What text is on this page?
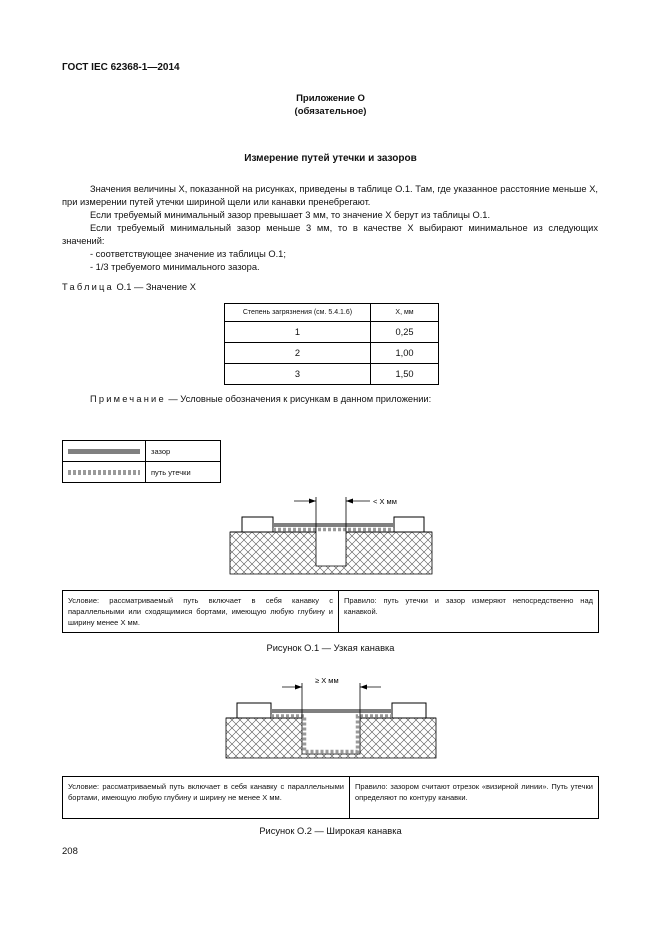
< X мм
≥ X мм
ГОСТ IEC 62368-1—2014
Приложение О
(обязательное)
Измерение путей утечки и зазоров

Значения величины X, показанной на рисунках, приведены в таблице О.1. Там, где указанное расстояние меньше X, при измерении путей утечки шириной щели или канавки пренебрегают.

Если требуемый минимальный зазор превышает 3 мм, то значение X берут из таблицы О.1.

Если требуемый минимальный зазор меньше 3 мм, то в качестве X выбирают минимальное из следующих значений:

- соответствующее значение из таблицы О.1;

- 1/3 требуемого минимального зазора.

Таблица О.1 — Значение X
Степень загрязнения (см. 5.4.1.6)	X, мм
1	0,25
2	1,00
3	1,50
Примечание — Условные обозначения к рисункам в данном приложении:
	зазор

	путь утечки
Условие: рассматриваемый путь включает в себя канавку с параллельными или сходящимися бортами, имеющую любую глубину и ширину менее X мм.	Правило: путь утечки и зазор измеряют непосредственно над канавкой.
Рисунок О.1 — Узкая канавка
Условие: рассматриваемый путь включает в себя канавку с параллельными бортами, имеющую любую глубину и ширину не менее X мм.	Правило: зазором считают отрезок «визирной линии». Путь утечки определяют по контуру канавки.
Рисунок О.2 — Широкая канавка
208
